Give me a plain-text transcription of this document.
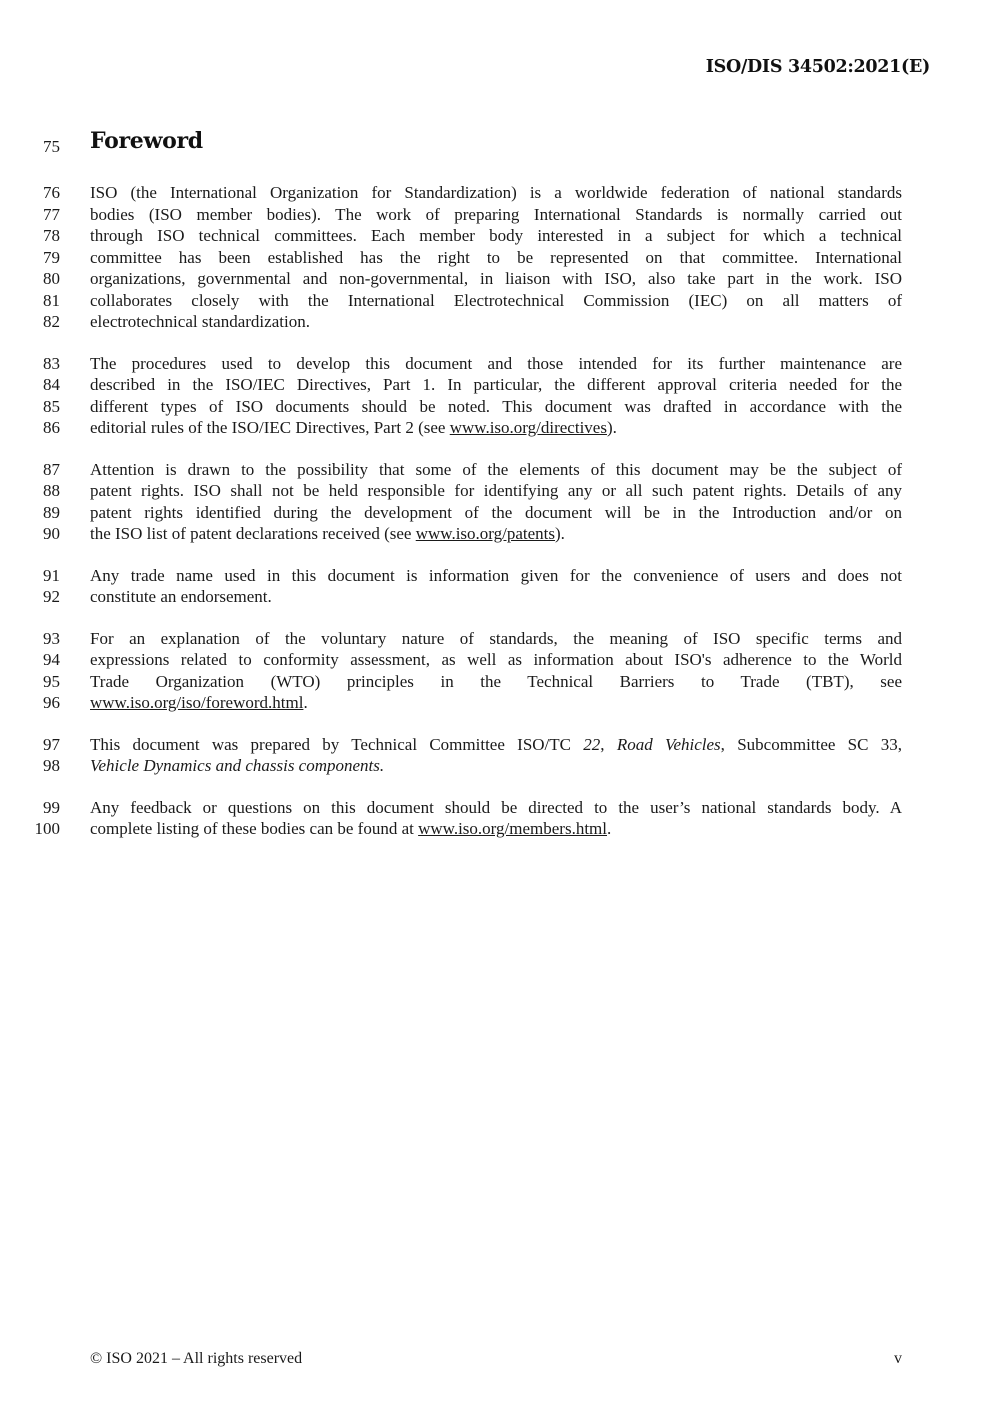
ISO/DIS 34502:2021(E)
75 Foreword
76 ISO (the International Organization for Standardization) is a worldwide federation of national standards
77 bodies (ISO member bodies). The work of preparing International Standards is normally carried out
78 through ISO technical committees. Each member body interested in a subject for which a technical
79 committee has been established has the right to be represented on that committee. International
80 organizations, governmental and non-governmental, in liaison with ISO, also take part in the work. ISO
81 collaborates closely with the International Electrotechnical Commission (IEC) on all matters of
82 electrotechnical standardization.
83 The procedures used to develop this document and those intended for its further maintenance are
84 described in the ISO/IEC Directives, Part 1. In particular, the different approval criteria needed for the
85 different types of ISO documents should be noted. This document was drafted in accordance with the
86 editorial rules of the ISO/IEC Directives, Part 2 (see www.iso.org/directives).
87 Attention is drawn to the possibility that some of the elements of this document may be the subject of
88 patent rights. ISO shall not be held responsible for identifying any or all such patent rights. Details of any
89 patent rights identified during the development of the document will be in the Introduction and/or on
90 the ISO list of patent declarations received (see www.iso.org/patents).
91 Any trade name used in this document is information given for the convenience of users and does not
92 constitute an endorsement.
93 For an explanation of the voluntary nature of standards, the meaning of ISO specific terms and
94 expressions related to conformity assessment, as well as information about ISO's adherence to the World
95 Trade Organization (WTO) principles in the Technical Barriers to Trade (TBT), see
96 www.iso.org/iso/foreword.html.
97 This document was prepared by Technical Committee ISO/TC 22, Road Vehicles, Subcommittee SC 33,
98 Vehicle Dynamics and chassis components.
99 Any feedback or questions on this document should be directed to the user’s national standards body. A
100 complete listing of these bodies can be found at www.iso.org/members.html.
© ISO 2021 – All rights reserved	v
